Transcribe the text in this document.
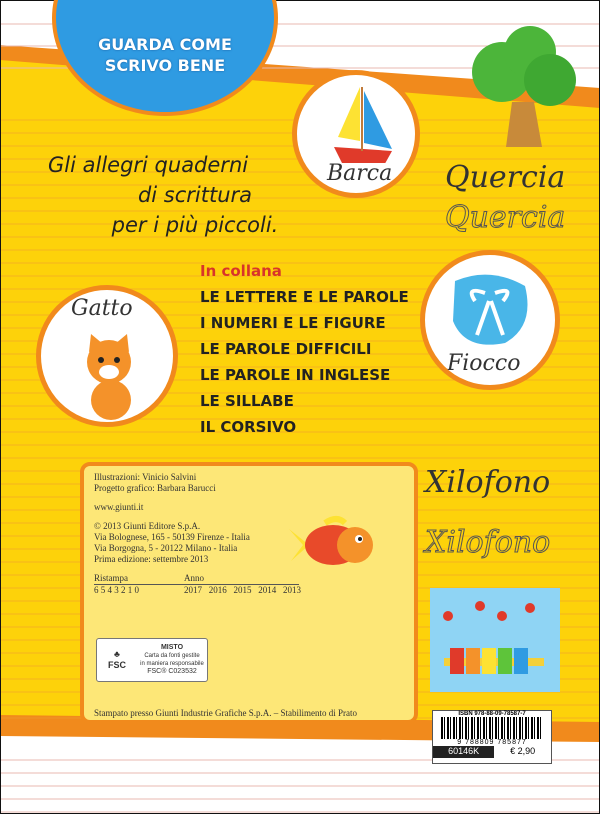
GUARDA COME
SCRIVO BENE
Barca
Gli allegri quaderni
di scrittura
per i più piccoli.
Quercia
Quercia
In collana
LE LETTERE E LE PAROLE
I NUMERI E LE FIGURE
LE PAROLE DIFFICILI
LE PAROLE IN INGLESE
LE SILLABE
IL CORSIVO
Gatto
Fiocco
Xilofono
Xilofono

Illustrazioni: Vinicio Salvini
Progetto grafico: Barbara Barucci

www.giunti.it

© 2013 Giunti Editore S.p.A.
Via Bolognese, 165 - 50139 Firenze - Italia
Via Borgogna, 5 - 20122 Milano - Italia
Prima edizione: settembre 2013

Ristampa	Anno
6 5 4 3 2 1 0	2017   2016   2015   2014   2013
♣
FSC
MISTO
Carta da fonti gestite
in maniera responsabile
FSC® C023532
Stampato presso Giunti Industrie Grafiche S.p.A. – Stabilimento di Prato	ISBN 978-88-09-78587-7
9 788809 785877
60146K	€ 2,90
